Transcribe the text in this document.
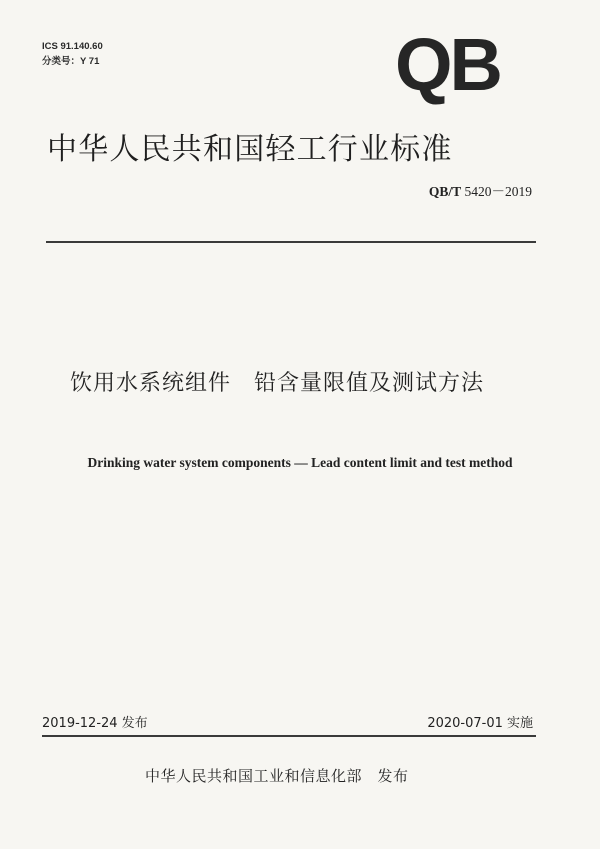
ICS 91.140.60
分类号：Y 71	QB
中华人民共和国轻工行业标准
QB/T 5420－2019
饮用水系统组件　铅含量限值及测试方法
Drinking water system components — Lead content limit and test method
2019-12-24 发布	2020-07-01 实施
中华人民共和国工业和信息化部　发布
